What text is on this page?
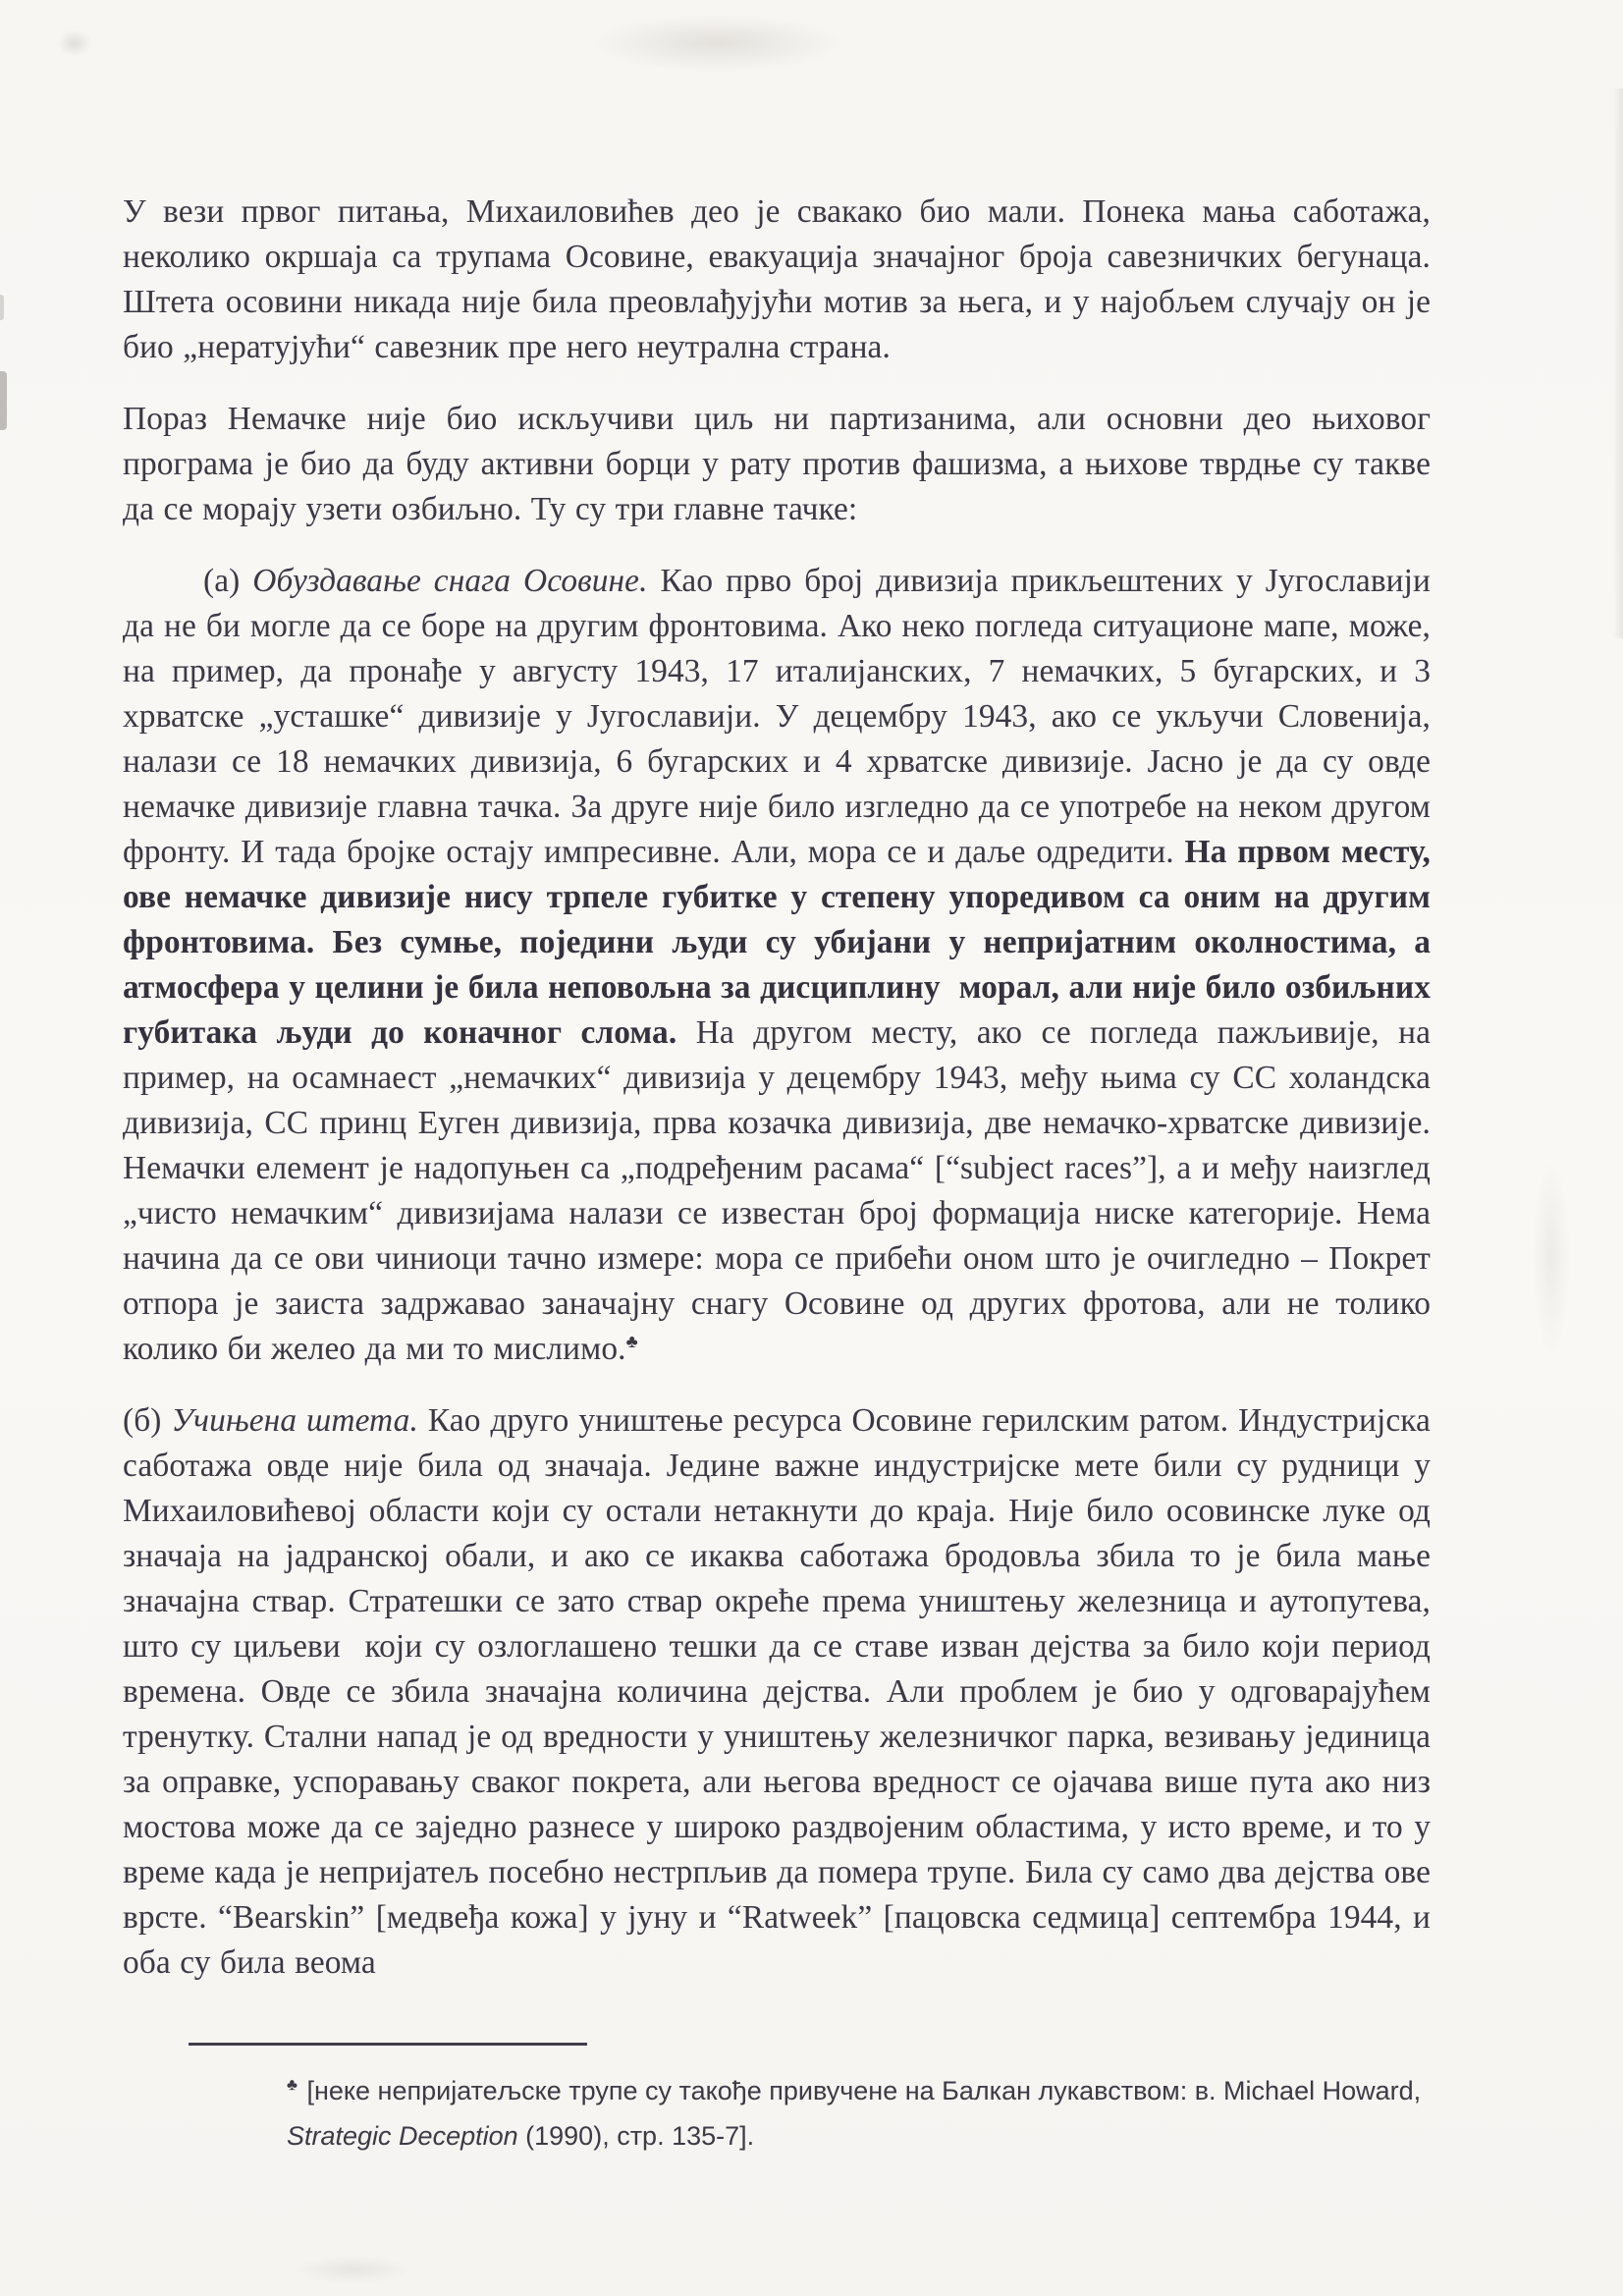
У вези првог питања, Михаиловићев део је свакако био мали. Понека мања саботажа, неколико окршаја са трупама Осовине, евакуација значајног броја савезничких бегунаца. Штета осовини никада није била преовлађујући мотив за њега, и у најобљем случају он је био „нератујући“ савезник пре него неутрална страна.

Пораз Немачке није био искључиви циљ ни партизанима, али основни део њиховог програма је био да буду активни борци у рату против фашизма, а њихове тврдње су такве да се морају узети озбиљно. Ту су три главне тачке:

(а) Обуздавање снага Осовине. Као прво број дивизија прикљештених у Југославији да не би могле да се боре на другим фронтовима. Ако неко погледа ситуационе мапе, може, на пример, да пронађе у августу 1943, 17 италијанских, 7 немачких, 5 бугарских, и 3 хрватске „усташке“ дивизије у Југославији. У децембру 1943, ако се укључи Словенија, налази се 18 немачких дивизија, 6 бугарских и 4 хрватске дивизије. Јасно је да су овде немачке дивизије главна тачка. За друге није било изгледно да се употребе на неком другом фронту. И тада бројке остају импресивне. Али, мора се и даље одредити. На првом месту, ове немачке дивизије нису трпеле губитке у степену упоредивом са оним на другим фронтовима. Без сумње, поједини људи су убијани у непријатним околностима, а атмосфера у целини је била неповољна за дисциплину  морал, али није било озбиљних губитака људи до коначног слома. На другом месту, ако се погледа пажљивије, на пример, на осамнаест „немачких“ дивизија у децембру 1943, међу њима су СС холандска дивизија, СС принц Еуген дивизија, прва козачка дивизија, две немачко-хрватске дивизије. Немачки елемент је надопуњен са „подређеним расама“ [“subject races”], а и међу наизглед „чисто немачким“ дивизијама налази се известан број формација ниске категорије. Нема начина да се ови чиниоци тачно измере: мора се прибећи оном што је очигледно – Покрет отпора је заиста задржавао заначајну снагу Осовине од других фротова, али не толико колико би желео да ми то мислимо.♣

(б) Учињена штета. Као друго уништење ресурса Осовине герилским ратом. Индустријска саботажа овде није била од значаја. Једине важне индустријске мете били су рудници у Михаиловићевој области који су остали нетакнути до краја. Није било осовинске луке од значаја на јадранској обали, и ако се икаква саботажа бродовља збила то је била мање значајна ствар. Стратешки се зато ствар окреће према уништењу железница и аутопутева, што су циљеви  који су озлоглашено тешки да се ставе изван дејства за било који период времена. Овде се збила значајна количина дејства. Али проблем је био у одговарајућем тренутку. Стални напад је од вредности у уништењу железничког парка, везивању јединица за оправке, успоравању сваког покрета, али његова вредност се ојачава више пута ако низ мостова може да се заједно разнесе у широко раздвојеним областима, у исто време, и то у време када је непријатељ посебно нестрпљив да помера трупе. Била су само два дејства ове врсте. “Bearskin” [медвеђа кожа] у јуну и “Ratweek” [пацовска седмица] септембра 1944, и оба су била веома

♣ [неке непријатељске трупе су такође привучене на Балкан лукавством: в. Michael Howard,

Strategic Deception (1990), стр. 135-7].
